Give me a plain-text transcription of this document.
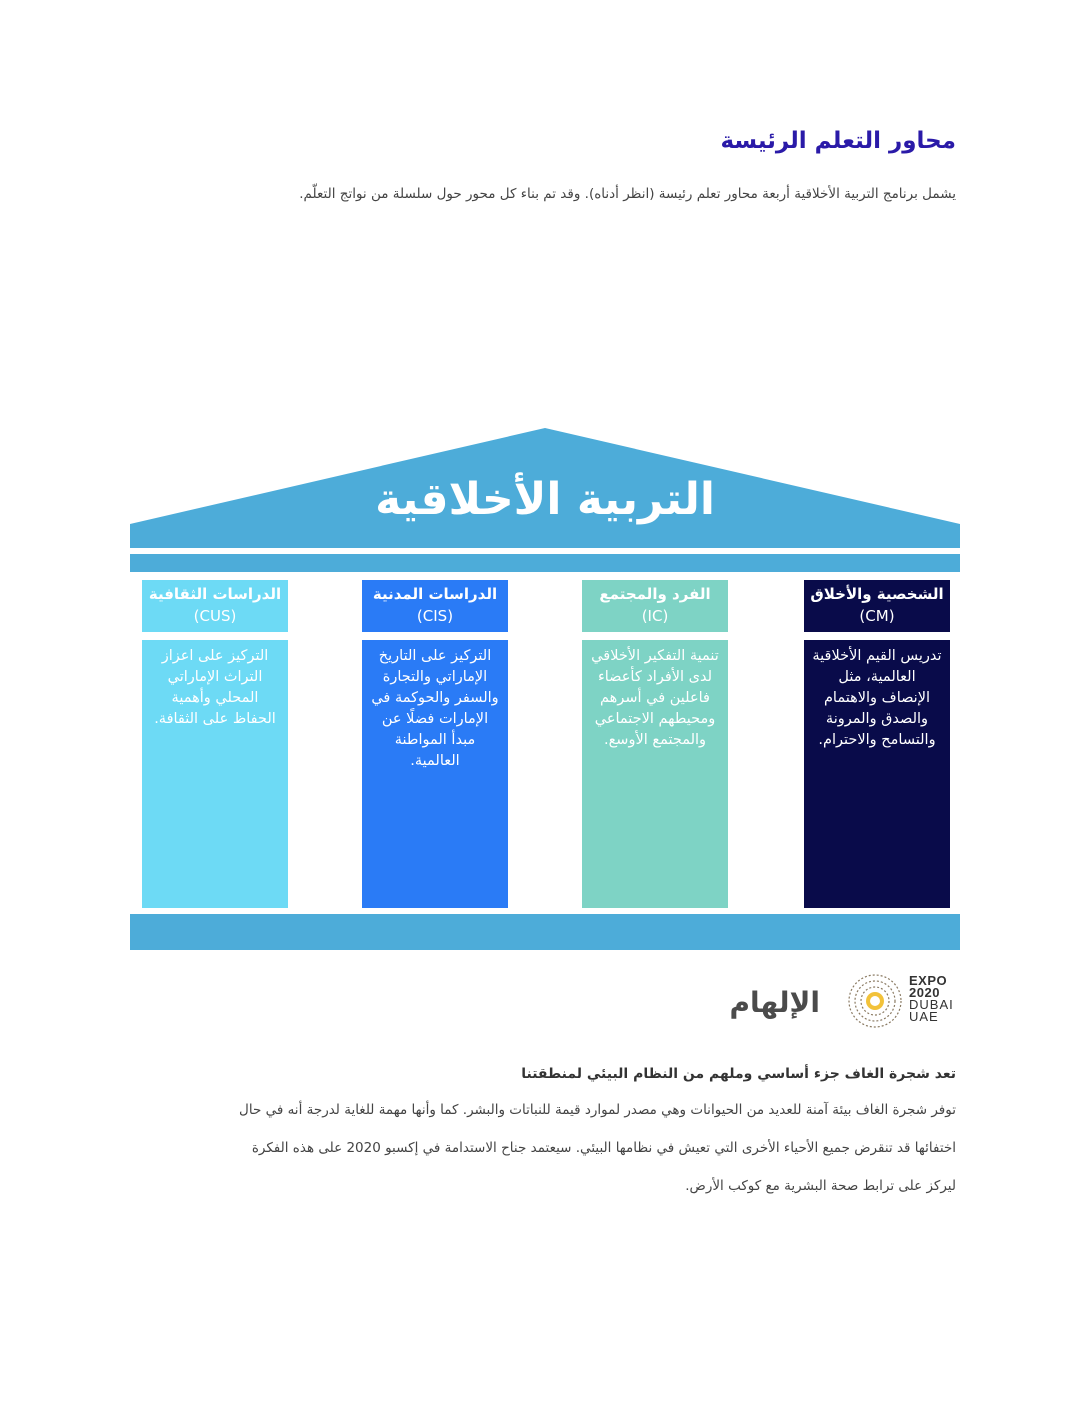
محاور التعلم الرئيسة

يشمل برنامج التربية الأخلاقية أربعة محاور تعلم رئيسة (انظر أدناه). وقد تم بناء كل محور حول سلسلة من نواتج التعلّم.

التربية الأخلاقية
الشخصية والأخلاق
(CM)
تدريس القيم الأخلاقية العالمية، مثل الإنصاف والاهتمام والصدق والمرونة والتسامح والاحترام.
الفرد والمجتمع
(IC)
تنمية التفكير الأخلاقي لدى الأفراد كأعضاء فاعلين في أسرهم ومحيطهم الاجتماعي والمجتمع الأوسع.
الدراسات المدنية
(CIS)
التركيز على التاريخ الإماراتي والتجارة والسفر والحوكمة في الإمارات فضلًا عن مبدأ المواطنة العالمية.
الدراسات الثقافية
(CUS)
التركيز على اعزاز التراث الإماراتي المحلي وأهمية الحفاظ على الثقافة.

الإلهام

EXPO
2020
DUBAI
UAE

تعد شجرة الغاف جزء أساسي وملهم من النظام البيئي لمنطقتنا

توفر شجرة الغاف بيئة آمنة للعديد من الحيوانات وهي مصدر لموارد قيمة للنباتات والبشر. كما وأنها مهمة للغاية لدرجة أنه في حال

اختفائها قد تنقرض جميع الأحياء الأخرى التي تعيش في نظامها البيئي. سيعتمد جناح الاستدامة في إكسبو 2020 على هذه الفكرة

ليركز على ترابط صحة البشرية مع كوكب الأرض.
